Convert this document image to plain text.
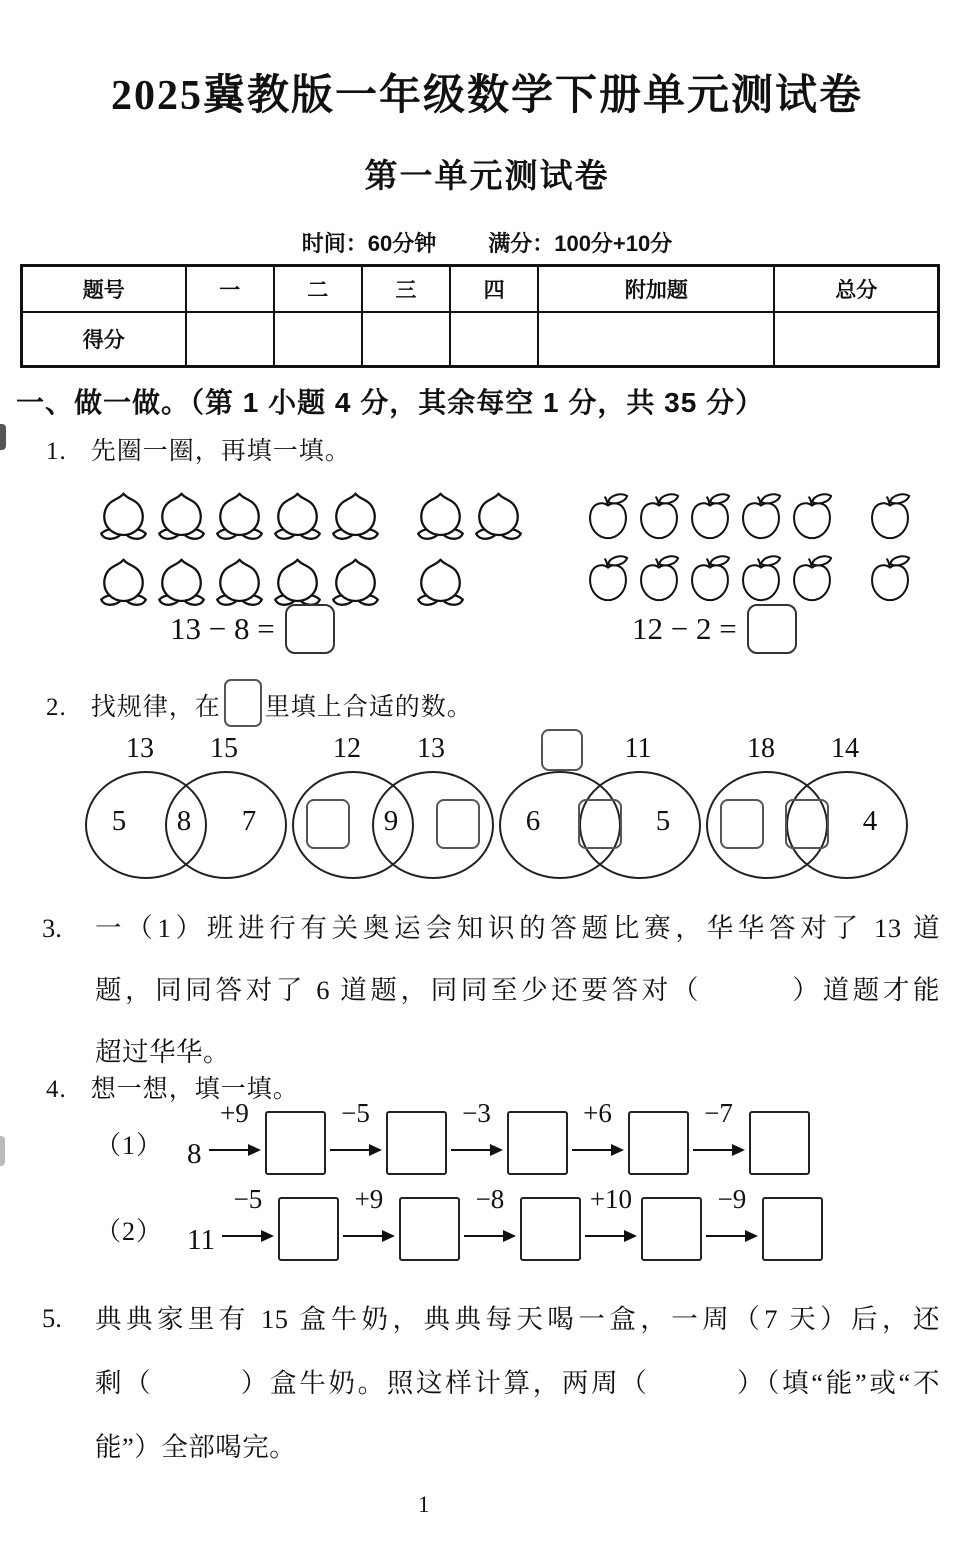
2025冀教版一年级数学下册单元测试卷
第一单元测试卷
时间：60分钟 满分：100分+10分
题号	一	二	三	四	附加题	总分
得分						
一、做一做。（第 1 小题 4 分，其余每空 1 分，共 35 分）
1. 先圈一圈，再填一填。
13 − 8 =	12 − 2 =
2. 找规律，在 里填上合适的数。
13	15
5	8	7
12	13
9
11
6	5
18	14
4
3. 一（1）班进行有关奥运会知识的答题比赛，华华答对了 13 道
题，同同答对了 6 道题，同同至少还要答对（　　　）道题才能
超过华华。
4. 想一想，填一填。
（1） 8
+9	−5	−3	+6	−7
（2） 11
−5	+9	−8	+10	−9
5. 典典家里有 15 盒牛奶，典典每天喝一盒，一周（7 天）后，还
剩（　　　）盒牛奶。照这样计算，两周（　　　）（填“能”或“不
能”）全部喝完。
1
